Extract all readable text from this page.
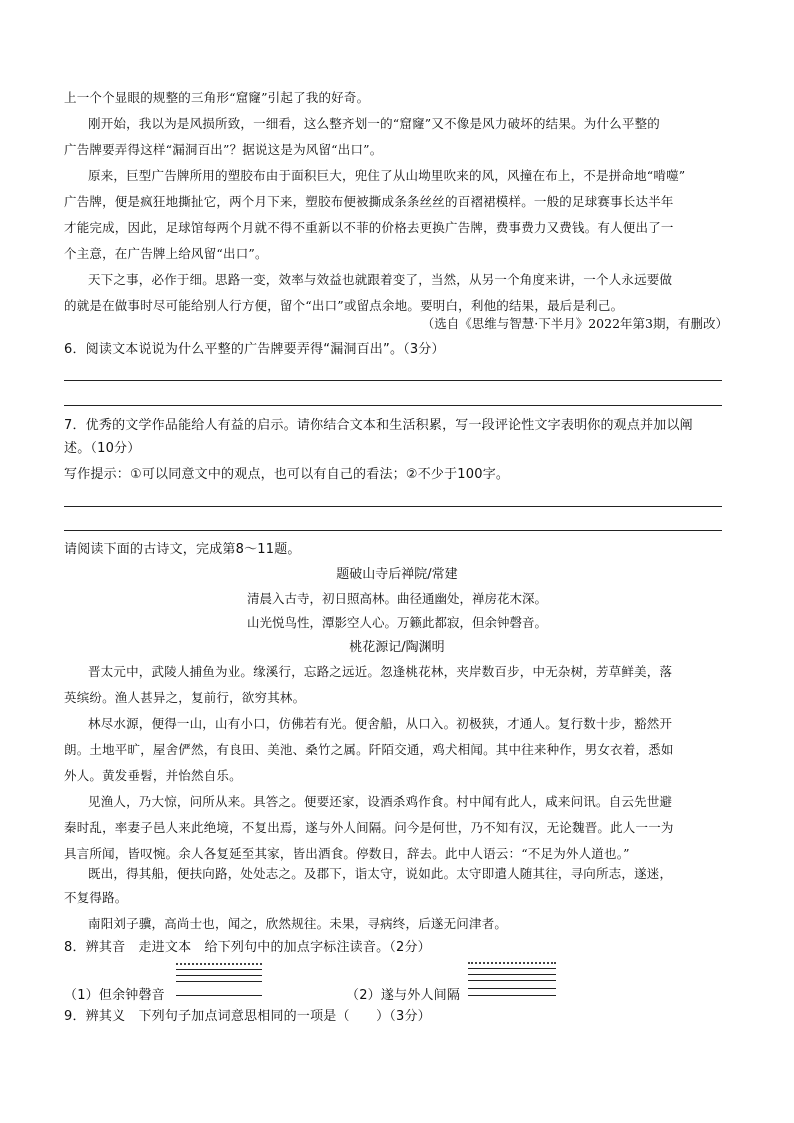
上一个个显眼的规整的三角形“窟窿”引起了我的好奇。
刚开始，我以为是风损所致，一细看，这么整齐划一的“窟窿”又不像是风力破坏的结果。为什么平整的
广告牌要弄得这样“漏洞百出”？据说这是为风留“出口”。
原来，巨型广告牌所用的塑胶布由于面积巨大，兜住了从山坳里吹来的风，风撞在布上，不是拼命地“啃噬”
广告牌，便是疯狂地撕扯它，两个月下来，塑胶布便被撕成条条丝丝的百褶裙模样。一般的足球赛事长达半年
才能完成，因此，足球馆每两个月就不得不重新以不菲的价格去更换广告牌，费事费力又费钱。有人便出了一
个主意，在广告牌上给风留“出口”。
天下之事，必作于细。思路一变，效率与效益也就跟着变了，当然，从另一个角度来讲，一个人永远要做
的就是在做事时尽可能给别人行方便，留个“出口”或留点余地。要明白，利他的结果，最后是利己。
（选自《思维与智慧·下半月》2022年第3期，有删改）
6．阅读文本说说为什么平整的广告牌要弄得“漏洞百出”。（3分）
7．优秀的文学作品能给人有益的启示。请你结合文本和生活积累，写一段评论性文字表明你的观点并加以阐
述。（10分）
写作提示：①可以同意文中的观点，也可以有自己的看法；②不少于100字。
请阅读下面的古诗文，完成第8～11题。
题破山寺后禅院/常建
清晨入古寺，初日照高林。曲径通幽处，禅房花木深。
山光悦鸟性，潭影空人心。万籁此都寂，但余钟磬音。
桃花源记/陶渊明
晋太元中，武陵人捕鱼为业。缘溪行，忘路之远近。忽逢桃花林，夹岸数百步，中无杂树，芳草鲜美，落
英缤纷。渔人甚异之，复前行，欲穷其林。
林尽水源，便得一山，山有小口，仿佛若有光。便舍船，从口入。初极狭，才通人。复行数十步，豁然开
朗。土地平旷，屋舍俨然，有良田、美池、桑竹之属。阡陌交通，鸡犬相闻。其中往来种作，男女衣着，悉如
外人。黄发垂髫，并怡然自乐。
见渔人，乃大惊，问所从来。具答之。便要还家，设酒杀鸡作食。村中闻有此人，咸来问讯。自云先世避
秦时乱，率妻子邑人来此绝境，不复出焉，遂与外人间隔。问今是何世，乃不知有汉，无论魏晋。此人一一为
具言所闻，皆叹惋。余人各复延至其家，皆出酒食。停数日，辞去。此中人语云：“不足为外人道也。”
既出，得其船，便扶向路，处处志之。及郡下，诣太守，说如此。太守即遣人随其往，寻向所志，遂迷，
不复得路。
南阳刘子骥，高尚士也，闻之，欣然规往。未果，寻病终，后遂无问津者。
8．辨其音　走进文本　给下列句中的加点字标注读音。（2分）
（1）但余钟磬音	（2）遂与外人间隔
9．辨其义　下列句子加点词意思相同的一项是（　　）（3分）
